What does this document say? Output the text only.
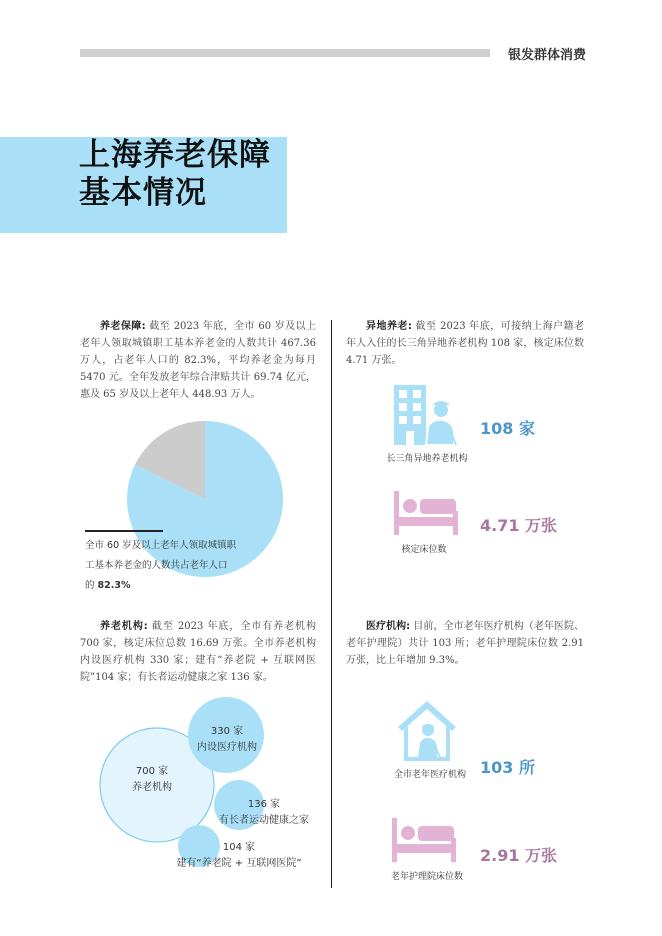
银发群体消费
上海养老保障
基本情况
养老保障: 截至 2023 年底，全市 60 岁及以上老年人领取城镇职工基本养老金的人数共计 467.36 万人，占老年人口的 82.3%，平均养老金为每月 5470 元。全年发放老年综合津贴共计 69.74 亿元，惠及 65 岁及以上老年人 448.93 万人。
全市 60 岁及以上老年人领取城镇职
工基本养老金的人数共占老年人口
的 82.3%
养老机构: 截至 2023 年底，全市有养老机构 700 家，核定床位总数 16.69 万张。全市养老机构内设医疗机构 330 家；建有“养老院 + 互联网医院”104 家；有长者运动健康之家 136 家。
700 家
养老机构
330 家
内设医疗机构
136 家
有长者运动健康之家
104 家
建有“养老院 + 互联网医院”
异地养老: 截至 2023 年底，可接纳上海户籍老年人入住的长三角异地养老机构 108 家，核定床位数 4.71 万张。
108 家
长三角异地养老机构
4.71 万张
核定床位数
医疗机构: 目前，全市老年医疗机构（老年医院、老年护理院）共计 103 所；老年护理院床位数 2.91 万张，比上年增加 9.3%。
103 所
全市老年医疗机构
2.91 万张
老年护理院床位数
